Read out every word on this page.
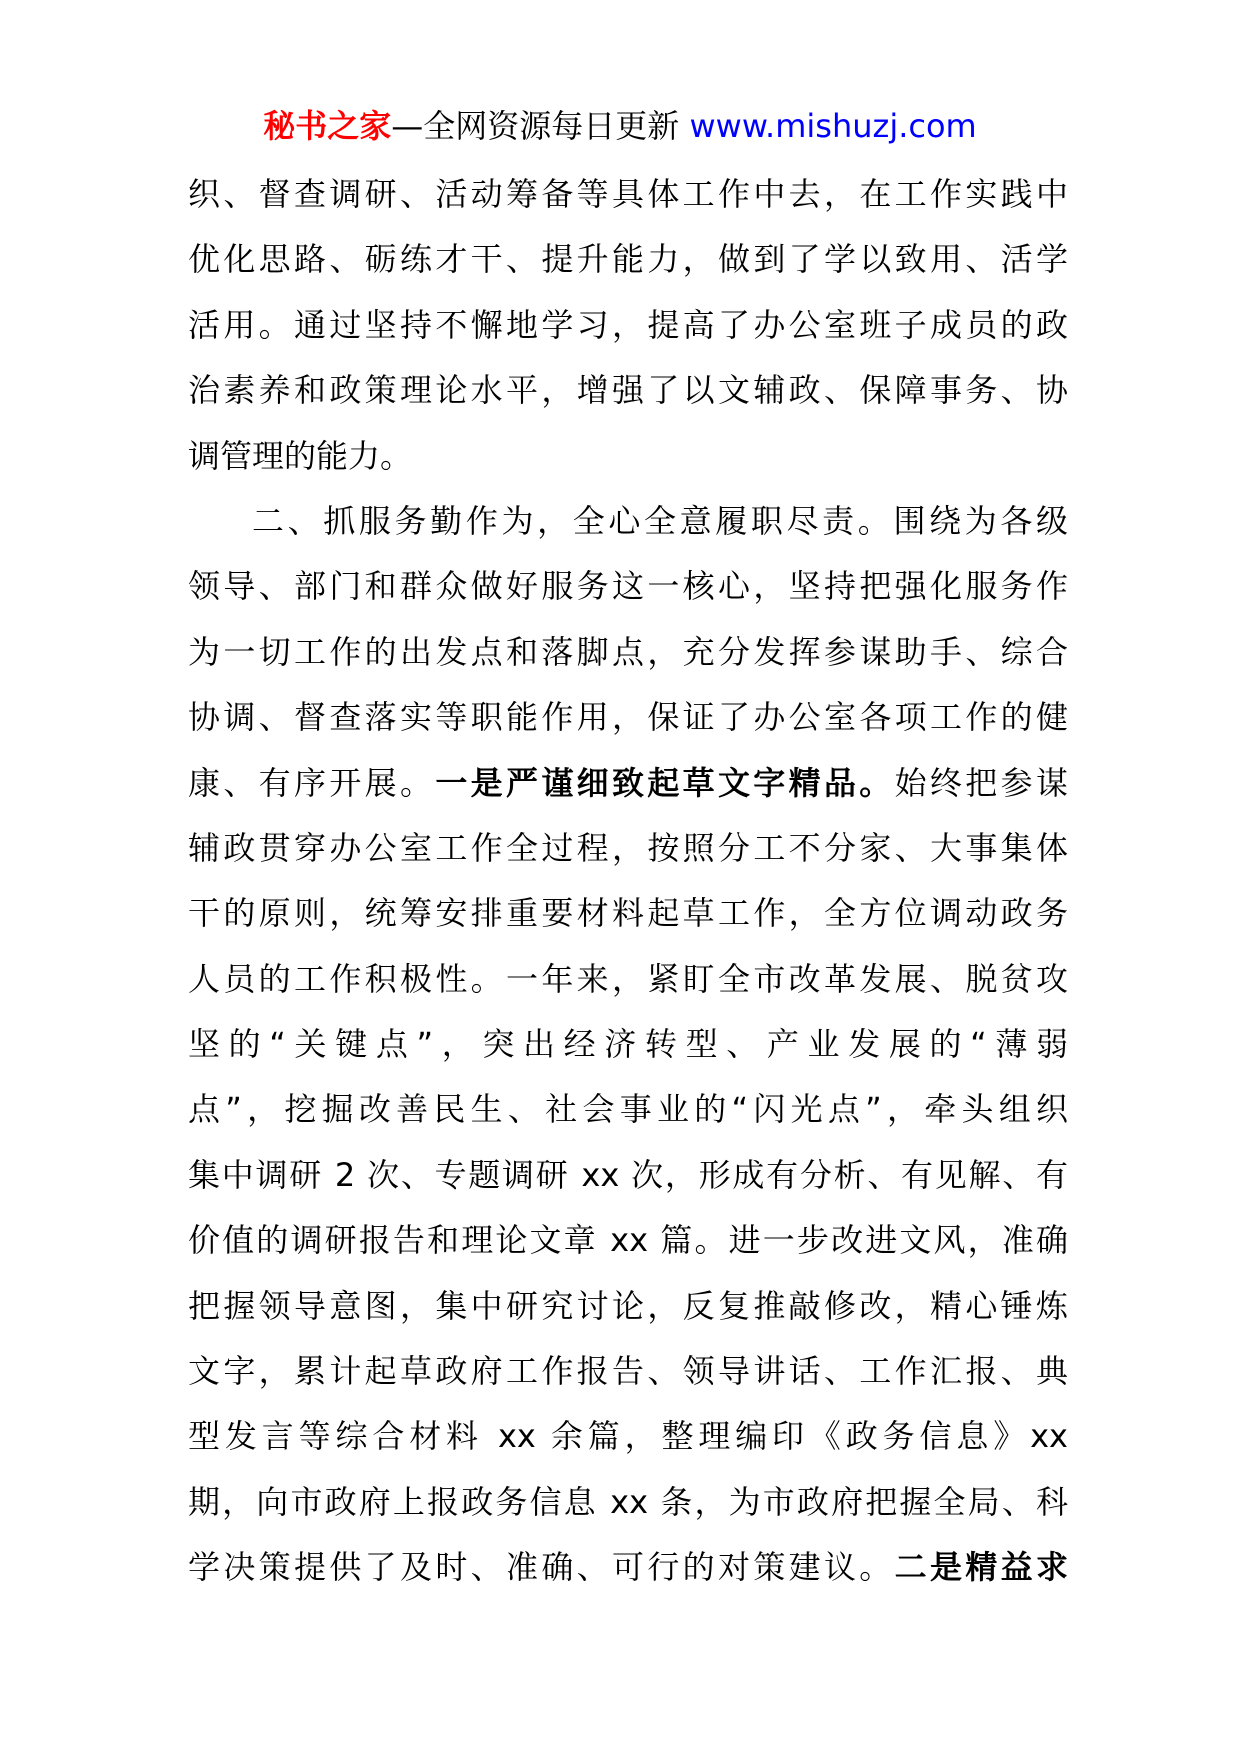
秘书之家—全网资源每日更新 www.mishuzj.com
织、督查调研、活动筹备等具体工作中去，在工作实践中
优化思路、砺练才干、提升能力，做到了学以致用、活学
活用。通过坚持不懈地学习，提高了办公室班子成员的政
治素养和政策理论水平，增强了以文辅政、保障事务、协
调管理的能力。
二、抓服务勤作为，全心全意履职尽责。围绕为各级
领导、部门和群众做好服务这一核心，坚持把强化服务作
为一切工作的出发点和落脚点，充分发挥参谋助手、综合
协调、督查落实等职能作用，保证了办公室各项工作的健
康、有序开展。一是严谨细致起草文字精品。始终把参谋
辅政贯穿办公室工作全过程，按照分工不分家、大事集体
干的原则，统筹安排重要材料起草工作，全方位调动政务
人员的工作积极性。一年来，紧盯全市改革发展、脱贫攻
坚的“关键点”，突出经济转型、产业发展的“薄弱
点”，挖掘改善民生、社会事业的“闪光点”，牵头组织
集中调研 2 次、专题调研 xx 次，形成有分析、有见解、有
价值的调研报告和理论文章 xx 篇。进一步改进文风，准确
把握领导意图，集中研究讨论，反复推敲修改，精心锤炼
文字，累计起草政府工作报告、领导讲话、工作汇报、典
型发言等综合材料 xx 余篇，整理编印《政务信息》xx
期，向市政府上报政务信息 xx 条，为市政府把握全局、科
学决策提供了及时、准确、可行的对策建议。二是精益求
